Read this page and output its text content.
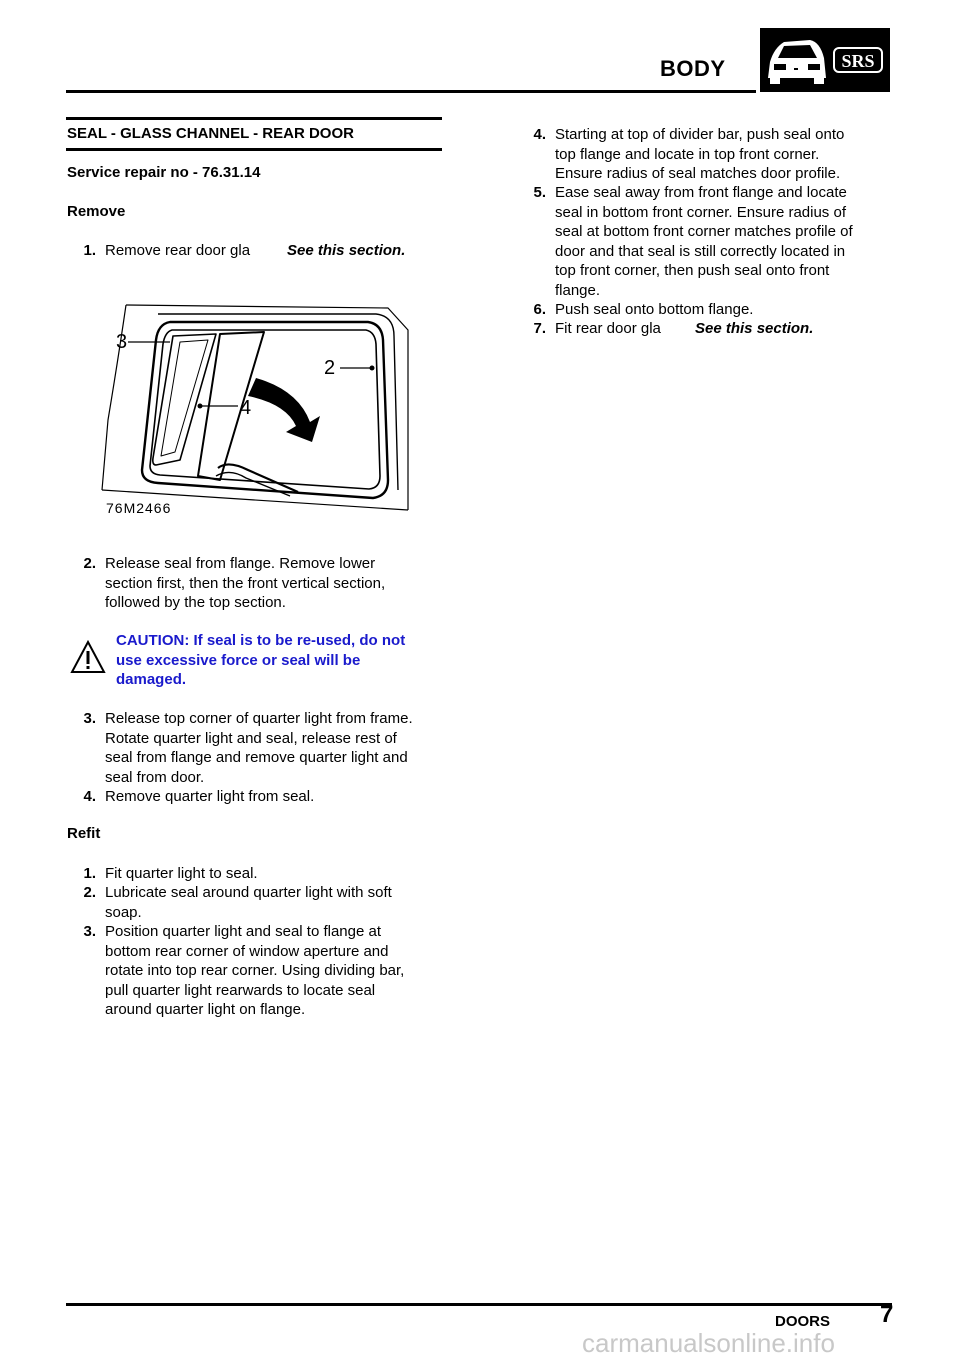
BODY	SRS
SEAL - GLASS CHANNEL - REAR DOOR
Service repair no - 76.31.14
Remove
1. Remove rear door gla See this section.
3
2
4
76M2466
2. Release seal from flange. Remove lower
section first, then the front vertical section,
followed by the top section.
CAUTION: If seal is to be re-used, do not
use excessive force or seal will be
damaged.
3. Release top corner of quarter light from frame.
Rotate quarter light and seal, release rest of
seal from flange and remove quarter light and
seal from door.
4. Remove quarter light from seal.
Refit
1. Fit quarter light to seal.
2. Lubricate seal around quarter light with soft
soap.
3. Position quarter light and seal to flange at
bottom rear corner of window aperture and
rotate into top rear corner. Using dividing bar,
pull quarter light rearwards to locate seal
around quarter light on flange.
4. Starting at top of divider bar, push seal onto
top flange and locate in top front corner.
Ensure radius of seal matches door profile.
5. Ease seal away from front flange and locate
seal in bottom front corner. Ensure radius of
seal at bottom front corner matches profile of
door and that seal is still correctly located in
top front corner, then push seal onto front
flange.
6. Push seal onto bottom flange.
7. Fit rear door gla See this section.
DOORS 7
carmanualsonline.info
